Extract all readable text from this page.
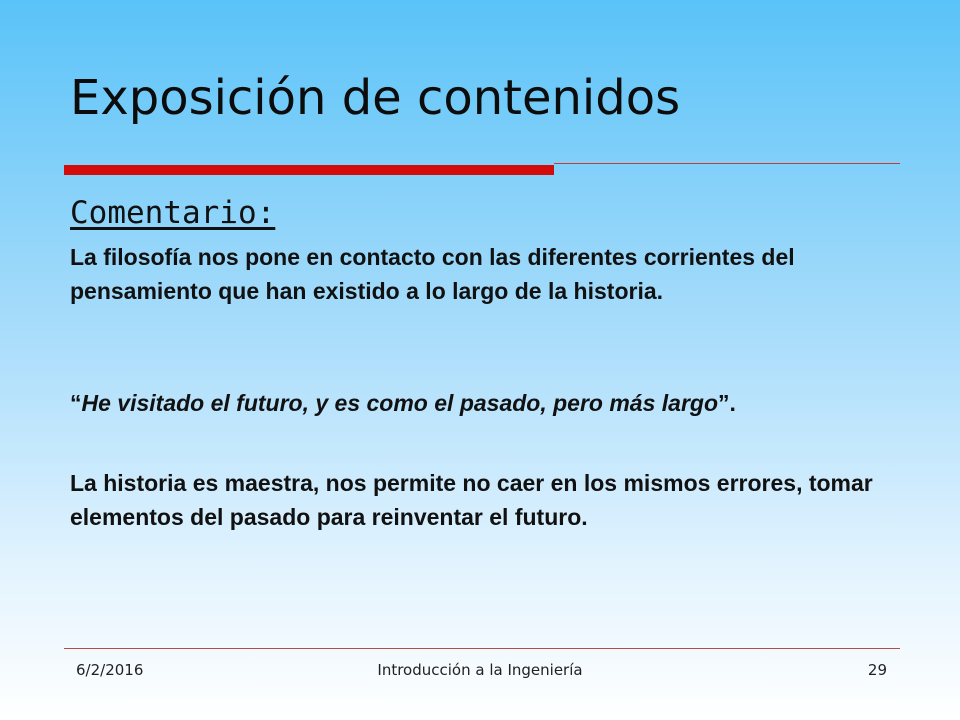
Exposición de contenidos
Comentario:
La filosofía nos pone en contacto con las diferentes corrientes del pensamiento que han existido a lo largo de la historia.
“He visitado el futuro, y es como el pasado, pero más largo”.
La historia es maestra, nos permite no caer en los mismos errores, tomar elementos del pasado para reinventar el futuro.
6/2/2016	Introducción a la Ingeniería	29
